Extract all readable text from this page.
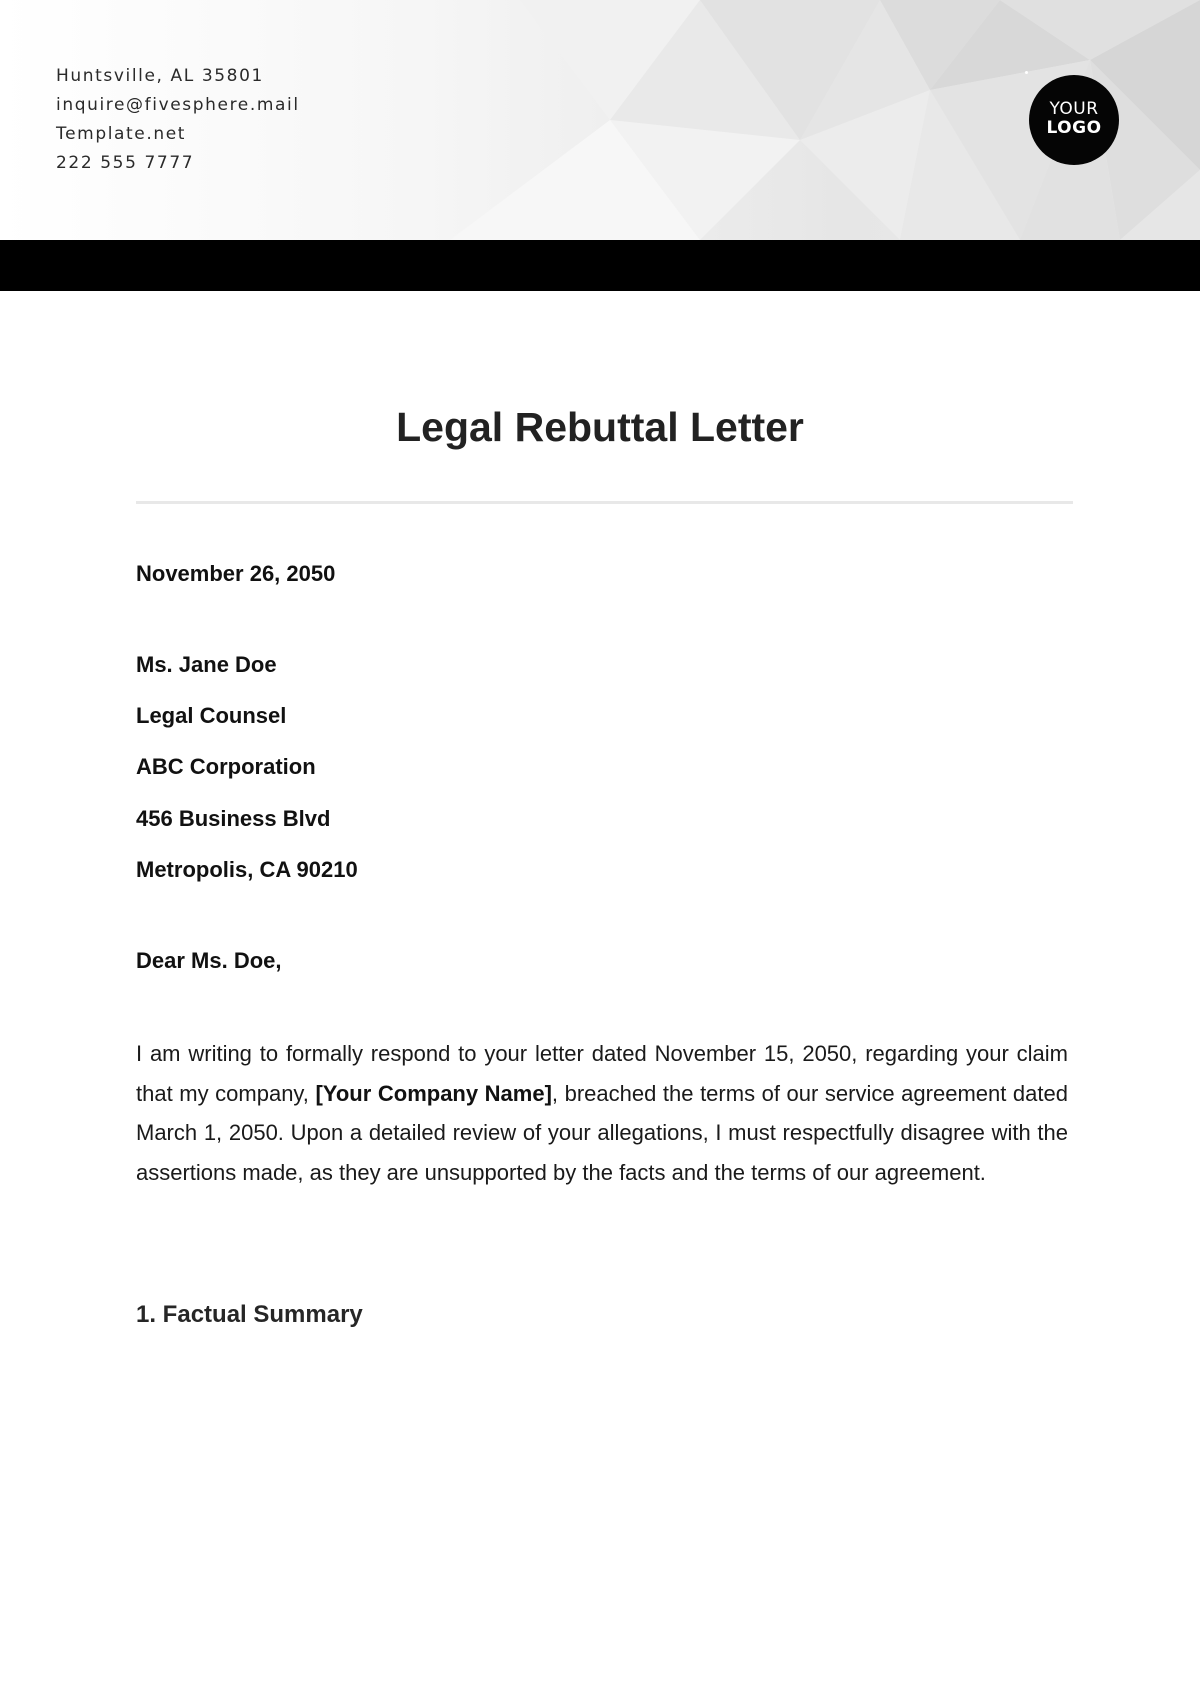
Huntsville, AL 35801
inquire@fivesphere.mail
Template.net
222 555 7777
YOUR
LOGO
Legal Rebuttal Letter
November 26, 2050
Ms. Jane Doe
Legal Counsel
ABC Corporation
456 Business Blvd
Metropolis, CA 90210
Dear Ms. Doe,

I am writing to formally respond to your letter dated November 15, 2050, regarding your claim that my company, [Your Company Name], breached the terms of our service agreement dated March 1, 2050. Upon a detailed review of your allegations, I must respectfully disagree with the assertions made, as they are unsupported by the facts and the terms of our agreement.

1. Factual Summary
